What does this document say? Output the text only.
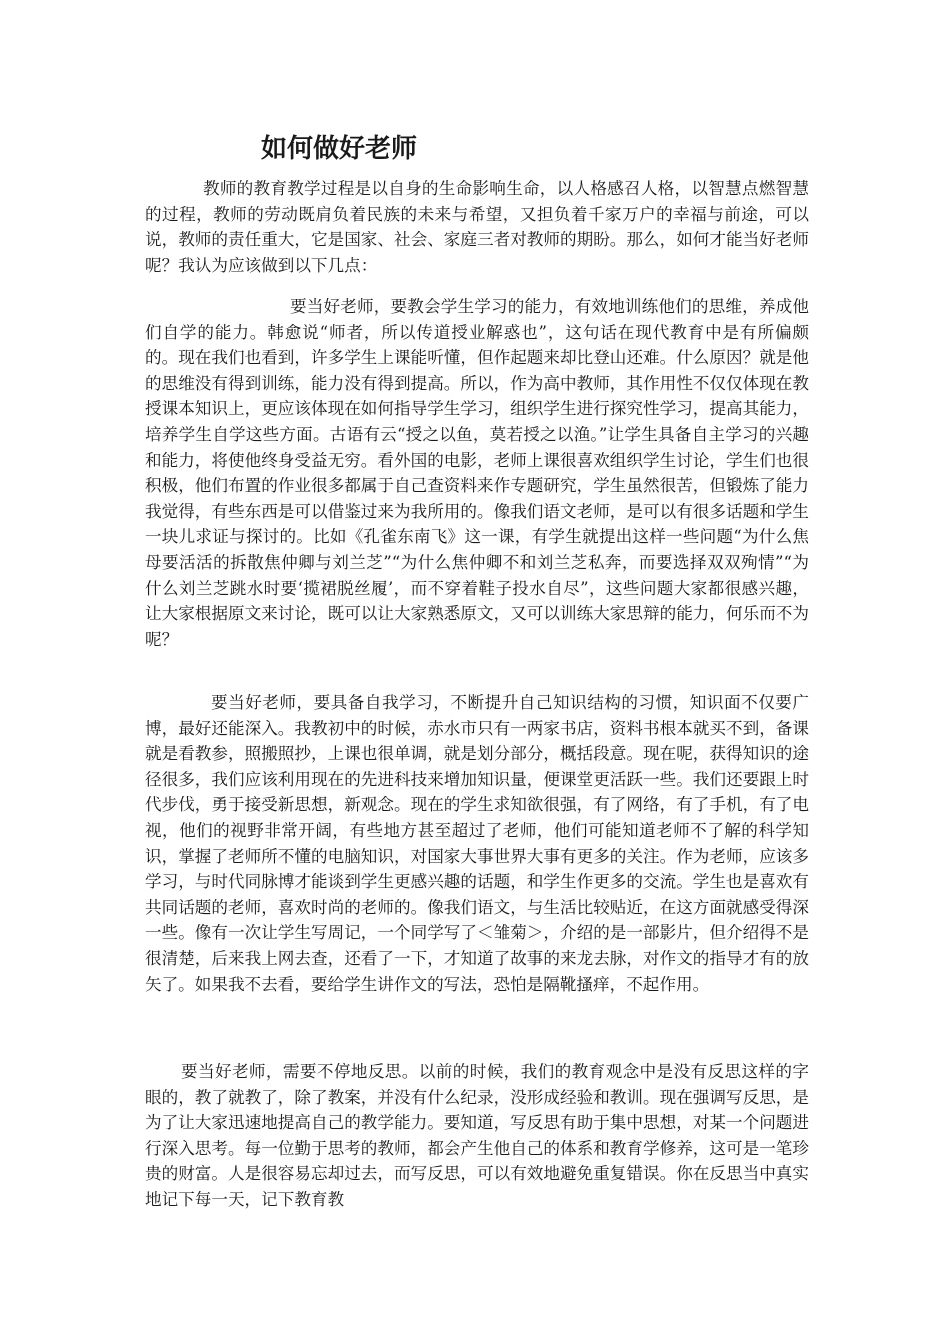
如何做好老师

教师的教育教学过程是以自身的生命影响生命，以人格感召人格，以智慧点燃智慧的过程，教师的劳动既肩负着民族的未来与希望，又担负着千家万户的幸福与前途，可以说，教师的责任重大，它是国家、社会、家庭三者对教师的期盼。那么，如何才能当好老师呢？我认为应该做到以下几点：

要当好老师，要教会学生学习的能力，有效地训练他们的思维，养成他们自学的能力。韩愈说“师者，所以传道授业解惑也”，这句话在现代教育中是有所偏颇的。现在我们也看到，许多学生上课能听懂，但作起题来却比登山还难。什么原因？就是他的思维没有得到训练，能力没有得到提高。所以，作为高中教师，其作用性不仅仅体现在教授课本知识上，更应该体现在如何指导学生学习，组织学生进行探究性学习，提高其能力，培养学生自学这些方面。古语有云“授之以鱼，莫若授之以渔。”让学生具备自主学习的兴趣和能力，将使他终身受益无穷。看外国的电影，老师上课很喜欢组织学生讨论，学生们也很积极，他们布置的作业很多都属于自己查资料来作专题研究，学生虽然很苦，但锻炼了能力我觉得，有些东西是可以借鉴过来为我所用的。像我们语文老师，是可以有很多话题和学生一块儿求证与探讨的。比如《孔雀东南飞》这一课，有学生就提出这样一些问题“为什么焦母要活活的拆散焦仲卿与刘兰芝”“为什么焦仲卿不和刘兰芝私奔，而要选择双双殉情”“为什么刘兰芝跳水时要‘揽裙脱丝履’，而不穿着鞋子投水自尽”，这些问题大家都很感兴趣，让大家根据原文来讨论，既可以让大家熟悉原文，又可以训练大家思辩的能力，何乐而不为呢？

要当好老师，要具备自我学习，不断提升自己知识结构的习惯，知识面不仅要广博，最好还能深入。我教初中的时候，赤水市只有一两家书店，资料书根本就买不到，备课就是看教参，照搬照抄，上课也很单调，就是划分部分，概括段意。现在呢，获得知识的途径很多，我们应该利用现在的先进科技来增加知识量，便课堂更活跃一些。我们还要跟上时代步伐，勇于接受新思想，新观念。现在的学生求知欲很强，有了网络，有了手机，有了电视，他们的视野非常开阔，有些地方甚至超过了老师，他们可能知道老师不了解的科学知识，掌握了老师所不懂的电脑知识，对国家大事世界大事有更多的关注。作为老师，应该多学习，与时代同脉博才能谈到学生更感兴趣的话题，和学生作更多的交流。学生也是喜欢有共同话题的老师，喜欢时尚的老师的。像我们语文，与生活比较贴近，在这方面就感受得深一些。像有一次让学生写周记，一个同学写了＜雏菊＞，介绍的是一部影片，但介绍得不是很清楚，后来我上网去查，还看了一下，才知道了故事的来龙去脉，对作文的指导才有的放矢了。如果我不去看，要给学生讲作文的写法，恐怕是隔靴搔痒，不起作用。

要当好老师，需要不停地反思。以前的时候，我们的教育观念中是没有反思这样的字眼的，教了就教了，除了教案，并没有什么纪录，没形成经验和教训。现在强调写反思，是为了让大家迅速地提高自己的教学能力。要知道，写反思有助于集中思想，对某一个问题进行深入思考。每一位勤于思考的教师，都会产生他自己的体系和教育学修养，这可是一笔珍贵的财富。人是很容易忘却过去，而写反思，可以有效地避免重复错误。你在反思当中真实地记下每一天，记下教育教
